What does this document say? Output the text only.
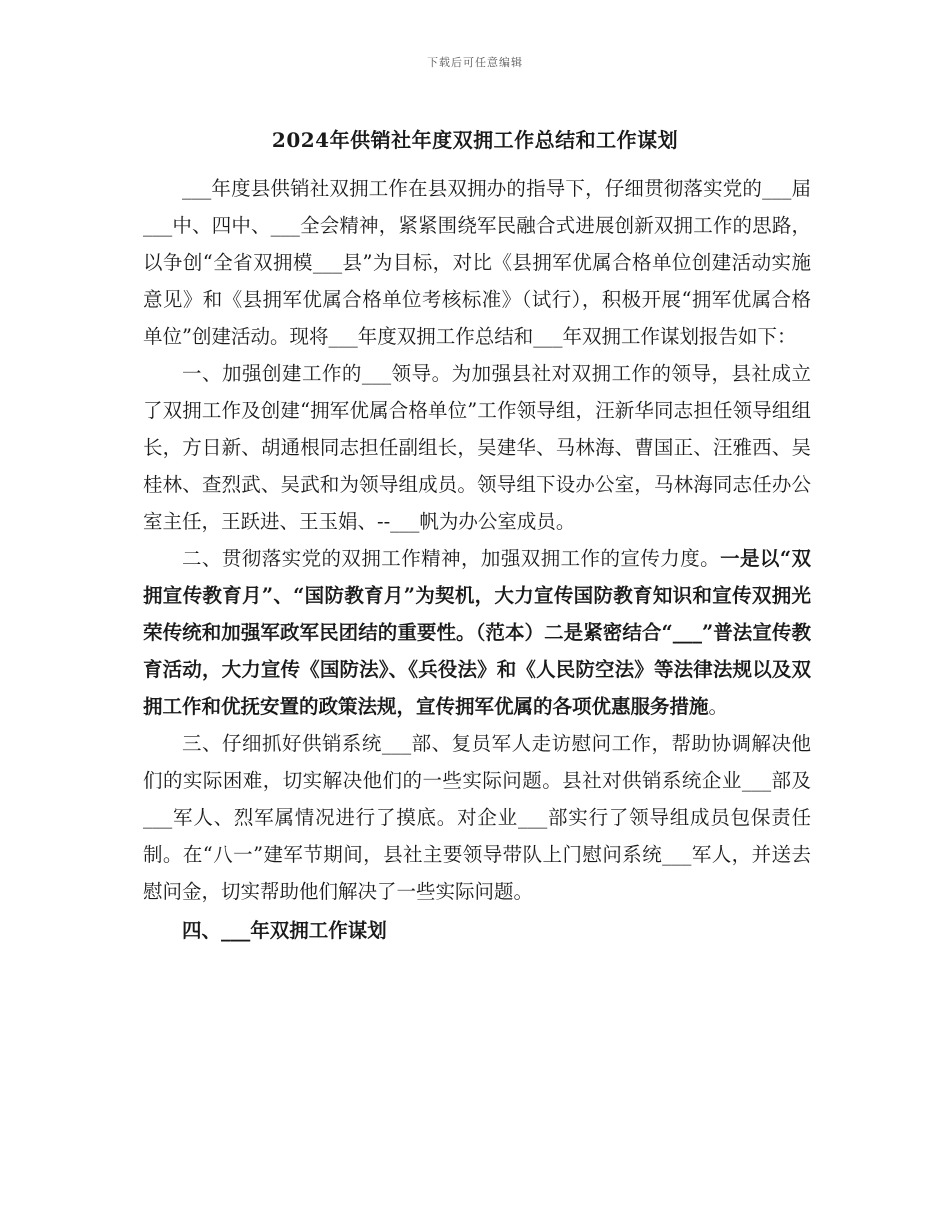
下载后可任意编辑
2024年供销社年度双拥工作总结和工作谋划

___年度县供销社双拥工作在县双拥办的指导下，仔细贯彻落实党的___届___中、四中、___全会精神，紧紧围绕军民融合式进展创新双拥工作的思路，以争创“全省双拥模___县”为目标，对比《县拥军优属合格单位创建活动实施意见》和《县拥军优属合格单位考核标准》（试行），积极开展“拥军优属合格单位”创建活动。现将___年度双拥工作总结和___年双拥工作谋划报告如下：

一、加强创建工作的___领导。为加强县社对双拥工作的领导，县社成立了双拥工作及创建“拥军优属合格单位”工作领导组，汪新华同志担任领导组组长，方日新、胡通根同志担任副组长，吴建华、马林海、曹国正、汪雅西、吴桂林、查烈武、吴武和为领导组成员。领导组下设办公室，马林海同志任办公室主任，王跃进、王玉娟、--___帆为办公室成员。

二、贯彻落实党的双拥工作精神，加强双拥工作的宣传力度。一是以“双拥宣传教育月”、“国防教育月”为契机，大力宣传国防教育知识和宣传双拥光荣传统和加强军政军民团结的重要性。（范本）二是紧密结合“___”普法宣传教育活动，大力宣传《国防法》、《兵役法》和《人民防空法》等法律法规以及双拥工作和优抚安置的政策法规，宣传拥军优属的各项优惠服务措施。

三、仔细抓好供销系统___部、复员军人走访慰问工作，帮助协调解决他们的实际困难，切实解决他们的一些实际问题。县社对供销系统企业___部及___军人、烈军属情况进行了摸底。对企业___部实行了领导组成员包保责任制。在“八一”建军节期间，县社主要领导带队上门慰问系统___军人，并送去慰问金，切实帮助他们解决了一些实际问题。

四、___年双拥工作谋划
